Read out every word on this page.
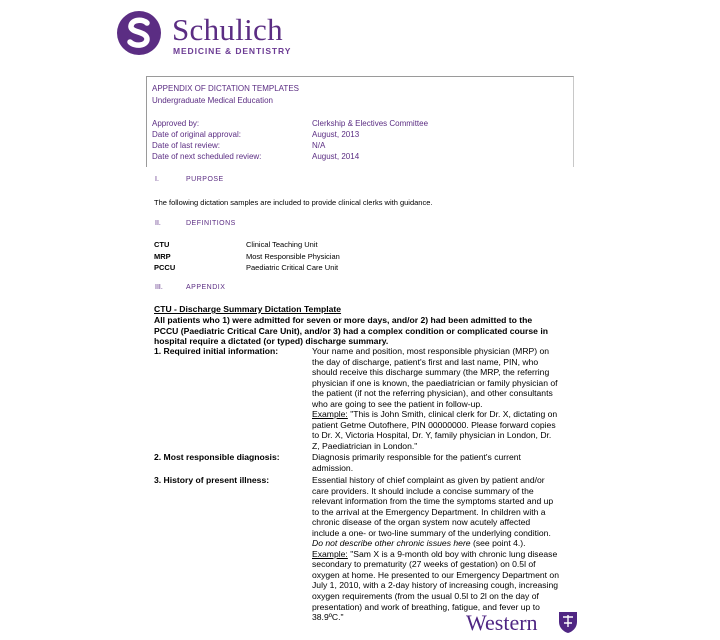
Schulich
MEDICINE & DENTISTRY
APPENDIX OF DICTATION TEMPLATES
Undergraduate Medical Education
Approved by:	Clerkship & Electives Committee
Date of original approval:	August, 2013
Date of last review:	N/A
Date of next scheduled review:	August, 2014
I.	PURPOSE
The following dictation samples are included to provide clinical clerks with guidance.
II.	DEFINITIONS
CTU	Clinical Teaching Unit
MRP	Most Responsible Physician
PCCU	Paediatric Critical Care Unit
III.	APPENDIX
CTU - Discharge Summary Dictation Template
All patients who 1) were admitted for seven or more days, and/or 2) had been admitted to the
PCCU (Paediatric Critical Care Unit), and/or 3) had a complex condition or complicated course in
hospital require a dictated (or typed) discharge summary.
1. Required initial information:	Your name and position, most responsible physician (MRP) on
the day of discharge, patient's first and last name, PIN, who
should receive this discharge summary (the MRP, the referring
physician if one is known, the paediatrician or family physician of
the patient (if not the referring physician), and other consultants
who are going to see the patient in follow-up.
Example: "This is John Smith, clinical clerk for Dr. X, dictating on
patient Getme Outofhere, PIN 00000000. Please forward copies
to Dr. X, Victoria Hospital, Dr. Y, family physician in London, Dr.
Z, Paediatrician in London."
2. Most responsible diagnosis:	Diagnosis primarily responsible for the patient's current
admission.
3. History of present illness:	Essential history of chief complaint as given by patient and/or
care providers. It should include a concise summary of the
relevant information from the time the symptoms started and up
to the arrival at the Emergency Department. In children with a
chronic disease of the organ system now acutely affected
include a one- or two-line summary of the underlying condition.
Do not describe other chronic issues here (see point 4.).
Example: "Sam X is a 9-month old boy with chronic lung disease
secondary to prematurity (27 weeks of gestation) on 0.5l of
oxygen at home. He presented to our Emergency Department on
July 1, 2010, with a 2-day history of increasing cough, increasing
oxygen requirements (from the usual 0.5l to 2l on the day of
presentation) and work of breathing, fatigue, and fever up to
38.9ºC."	Western
